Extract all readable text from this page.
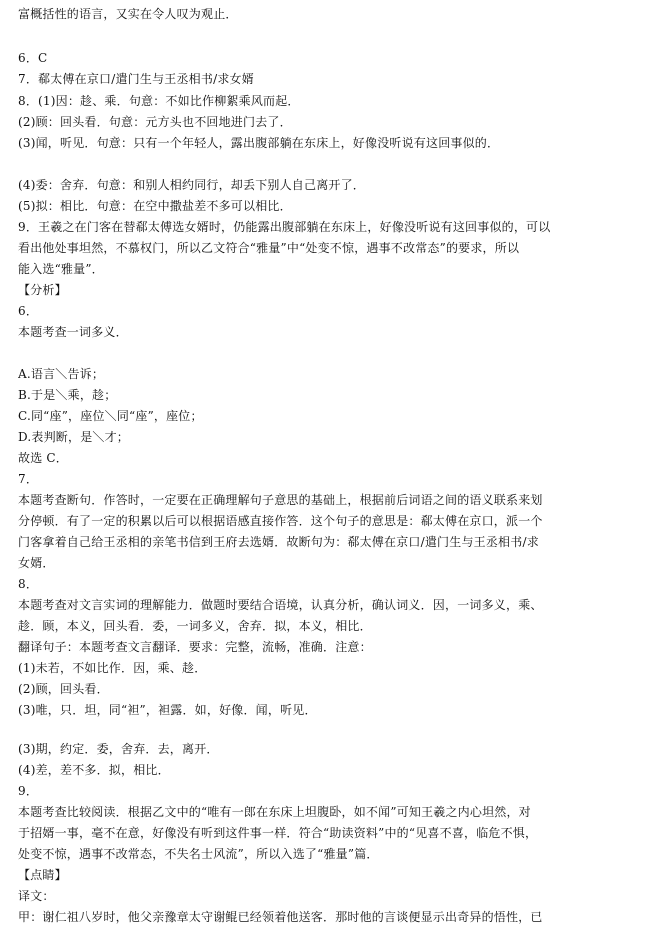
富概括性的语言，又实在令人叹为观止．
6．C
7．郗太傅在京口/遣门生与王丞相书/求女婿
8．(1)因：趁、乘．句意：不如比作柳絮乘风而起．
(2)顾：回头看．句意：元方头也不回地进门去了．
(3)闻，听见．句意：只有一个年轻人，露出腹部躺在东床上，好像没听说有这回事似的．
(4)委：舍弃．句意：和别人相约同行，却丢下别人自己离开了．
(5)拟：相比．句意：在空中撒盐差不多可以相比．
9．王羲之在门客在替郗太傅选女婿时，仍能露出腹部躺在东床上，好像没听说有这回事似的，可以
看出他处事坦然，不慕权门，所以乙文符合“雅量”中“处变不惊，遇事不改常态”的要求，所以
能入选“雅量”．
【分析】
6．
本题考查一词多义．
A.语言＼告诉；
B.于是＼乘，趁；
C.同“座”，座位＼同“座”，座位；
D.表判断，是＼才；
故选 C．
7．
本题考查断句．作答时，一定要在正确理解句子意思的基础上，根据前后词语之间的语义联系来划
分停顿．有了一定的积累以后可以根据语感直接作答．这个句子的意思是：郗太傅在京口，派一个
门客拿着自己给王丞相的亲笔书信到王府去选婿．故断句为：郗太傅在京口/遣门生与王丞相书/求
女婿．
8．
本题考查对文言实词的理解能力．做题时要结合语境，认真分析，确认词义．因，一词多义，乘、
趁．顾，本义，回头看．委，一词多义，舍弃．拟，本义，相比．
翻译句子：本题考查文言翻译．要求：完整，流畅，准确．注意：
(1)未若，不如比作．因，乘、趁．
(2)顾，回头看．
(3)唯，只．坦，同“袒”，袒露．如，好像．闻，听见．
(3)期，约定．委，舍弃．去，离开．
(4)差，差不多．拟，相比．
9．
本题考查比较阅读．根据乙文中的“唯有一郎在东床上坦腹卧，如不闻”可知王羲之内心坦然，对
于招婿一事，毫不在意，好像没有听到这件事一样．符合“助读资料”中的“见喜不喜，临危不惧，
处变不惊，遇事不改常态，不失名士风流”，所以入选了“雅量”篇．
【点睛】
译文：
甲：谢仁祖八岁时，他父亲豫章太守谢鲲已经领着他送客．那时他的言谈便显示出奇异的悟性，已
